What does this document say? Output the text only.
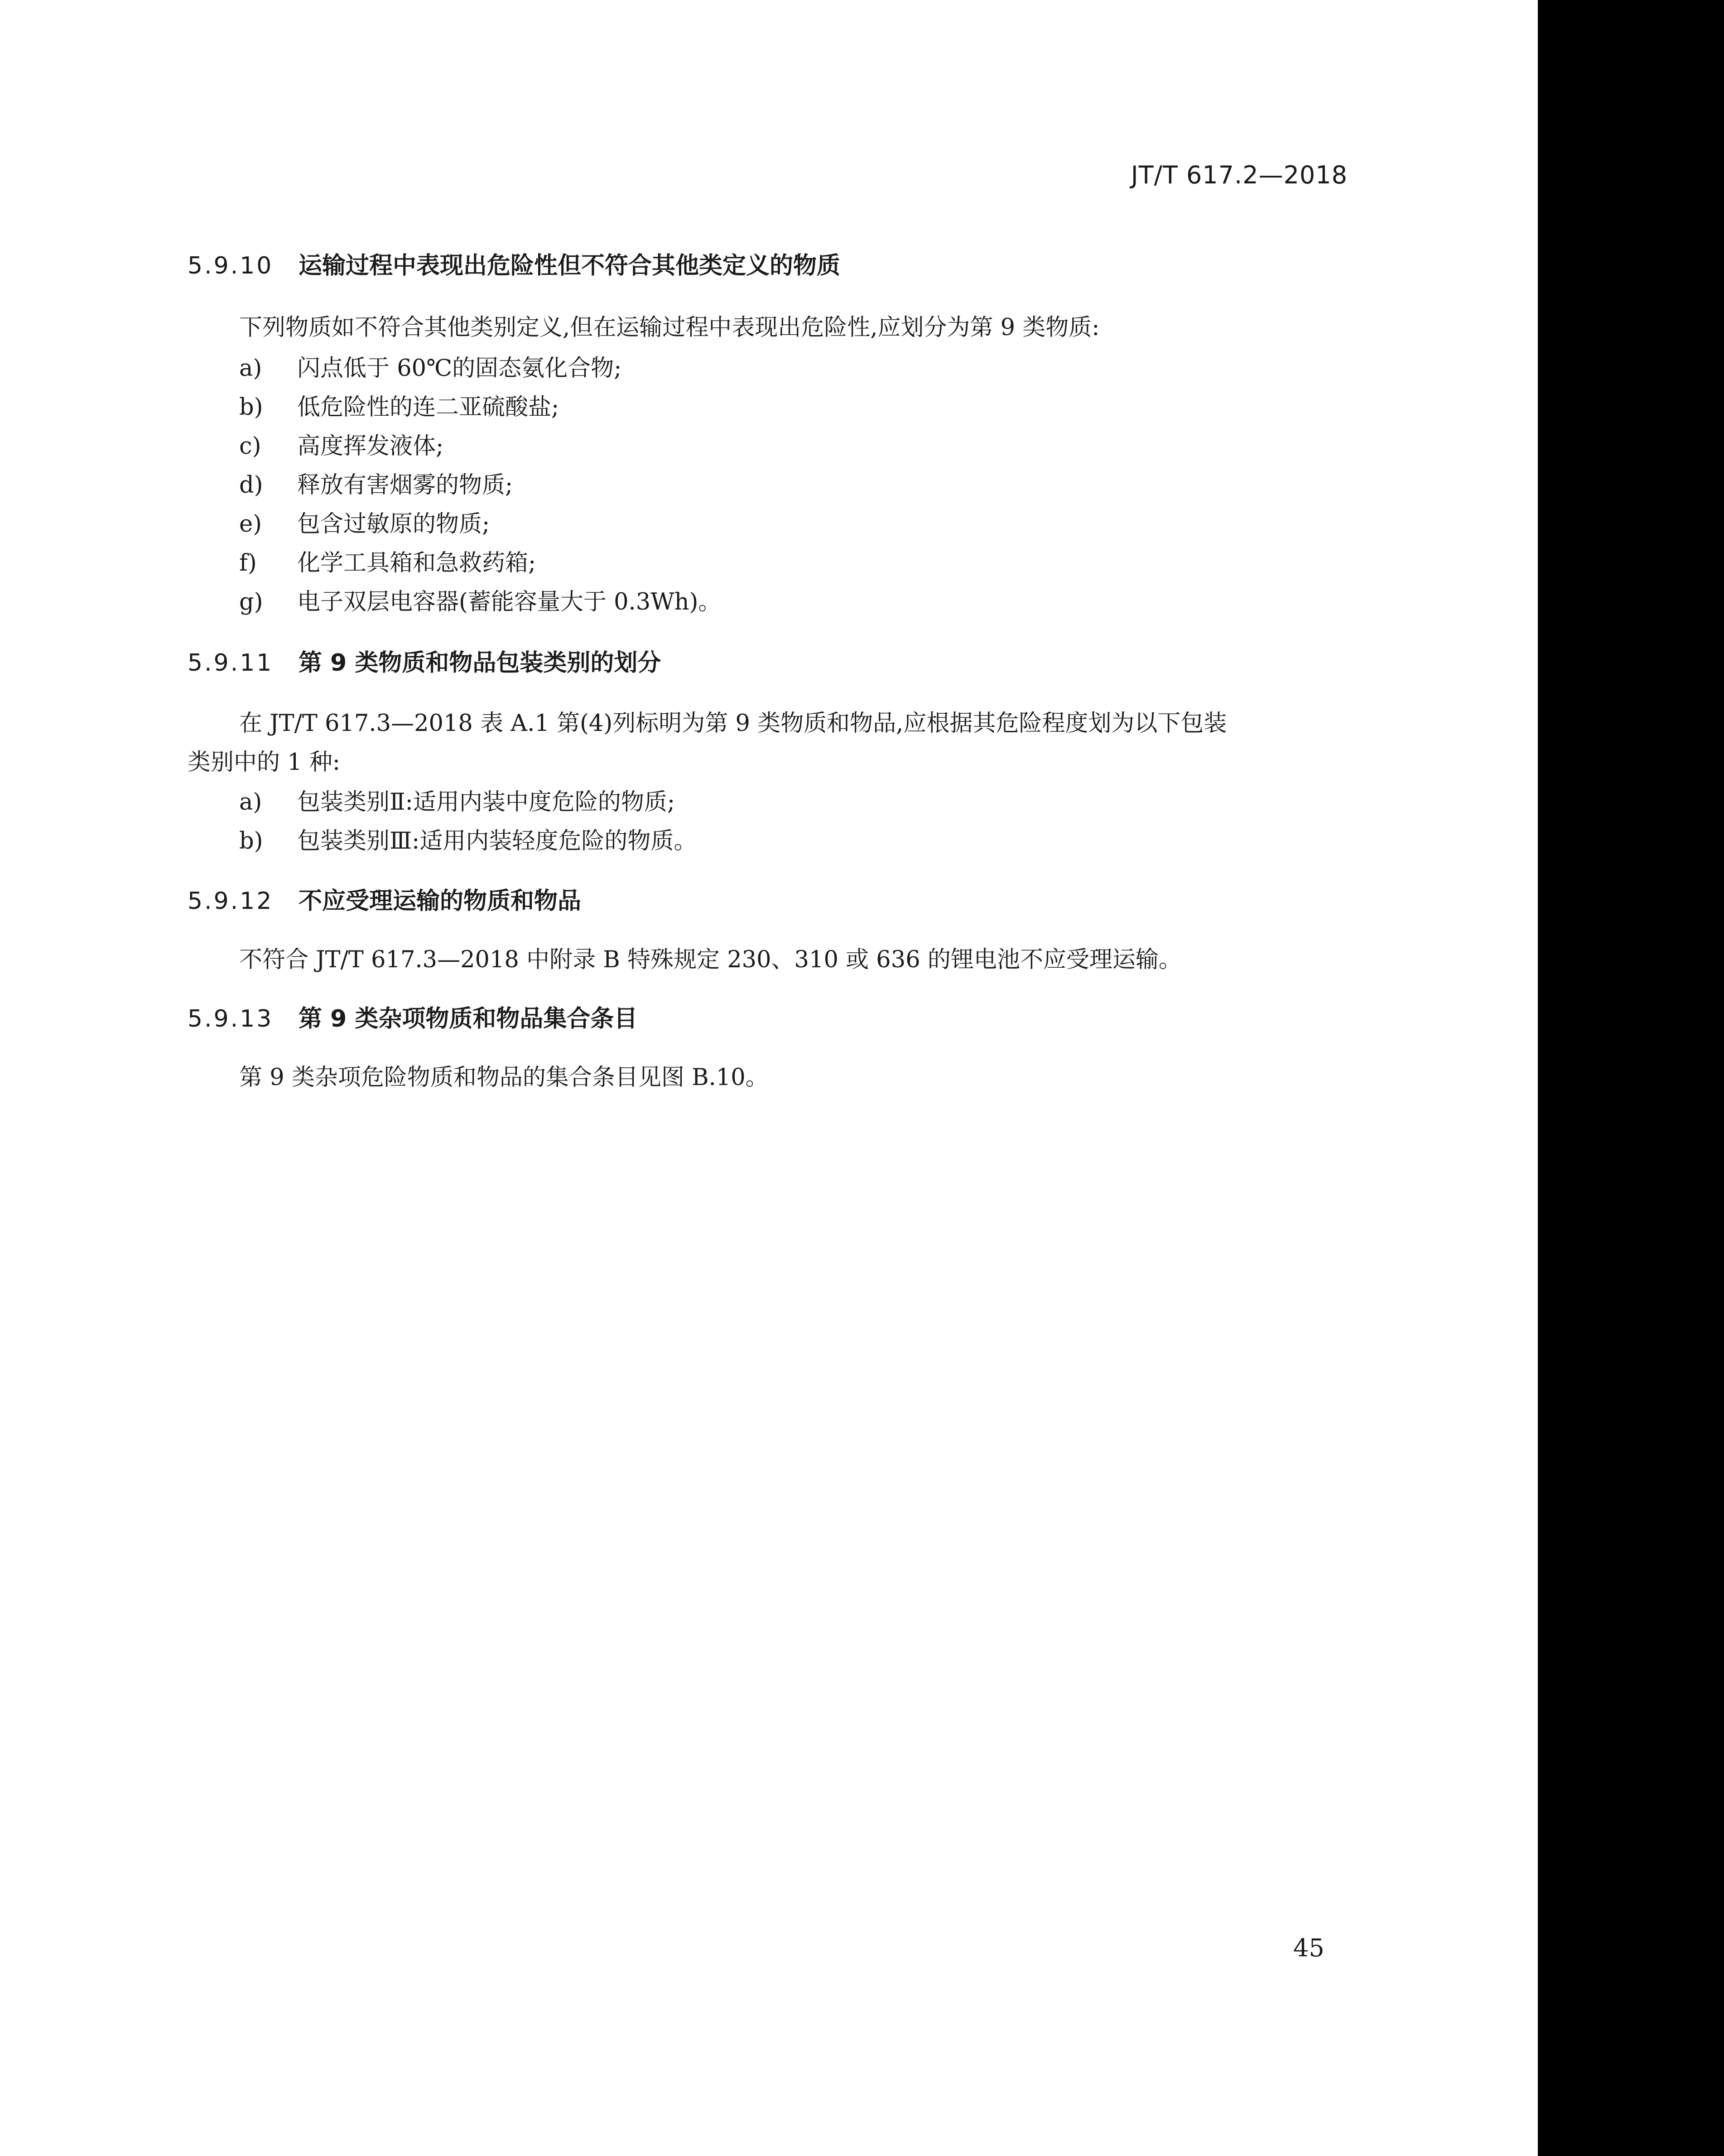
JT/T 617.2—2018
5.9.10 运输过程中表现出危险性但不符合其他类定义的物质
下列物质如不符合其他类别定义,但在运输过程中表现出危险性,应划分为第 9 类物质:
a) 闪点低于 60℃的固态氨化合物;
b) 低危险性的连二亚硫酸盐;
c) 高度挥发液体;
d) 释放有害烟雾的物质;
e) 包含过敏原的物质;
f) 化学工具箱和急救药箱;
g) 电子双层电容器(蓄能容量大于 0.3Wh)。
5.9.11 第 9 类物质和物品包装类别的划分
在 JT/T 617.3—2018 表 A.1 第(4)列标明为第 9 类物质和物品,应根据其危险程度划为以下包装
类别中的 1 种:
a) 包装类别Ⅱ:适用内装中度危险的物质;
b) 包装类别Ⅲ:适用内装轻度危险的物质。
5.9.12 不应受理运输的物质和物品
不符合 JT/T 617.3—2018 中附录 B 特殊规定 230、310 或 636 的锂电池不应受理运输。
5.9.13 第 9 类杂项物质和物品集合条目
第 9 类杂项危险物质和物品的集合条目见图 B.10。
45
